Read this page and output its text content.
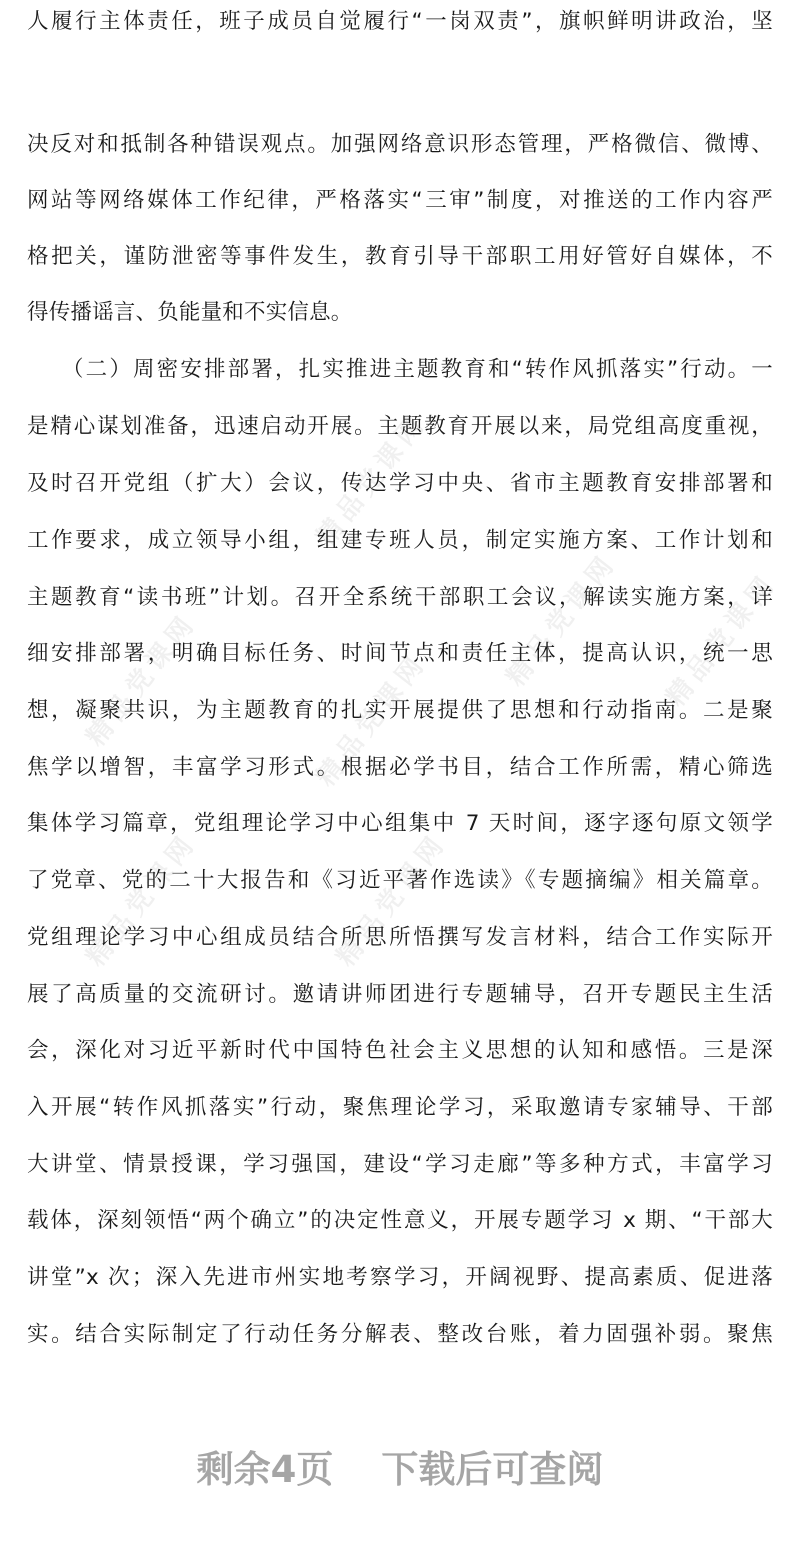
精品党课网
精品党课网
精品党课网 精品党课网
精品党课网
精品党课网	精品党课网
人履行主体责任，班子成员自觉履行“一岗双责”，旗帜鲜明讲政治，坚
决反对和抵制各种错误观点。加强网络意识形态管理，严格微信、微博、
网站等网络媒体工作纪律，严格落实“三审”制度，对推送的工作内容严
格把关，谨防泄密等事件发生，教育引导干部职工用好管好自媒体，不
得传播谣言、负能量和不实信息。
（二）周密安排部署，扎实推进主题教育和“转作风抓落实”行动。一
是精心谋划准备，迅速启动开展。主题教育开展以来，局党组高度重视，
及时召开党组（扩大）会议，传达学习中央、省市主题教育安排部署和
工作要求，成立领导小组，组建专班人员，制定实施方案、工作计划和
主题教育“读书班”计划。召开全系统干部职工会议，解读实施方案，详
细安排部署，明确目标任务、时间节点和责任主体，提高认识，统一思
想，凝聚共识，为主题教育的扎实开展提供了思想和行动指南。二是聚
焦学以增智，丰富学习形式。根据必学书目，结合工作所需，精心筛选
集体学习篇章，党组理论学习中心组集中 7 天时间，逐字逐句原文领学
了党章、党的二十大报告和《习近平著作选读》《专题摘编》相关篇章。
党组理论学习中心组成员结合所思所悟撰写发言材料，结合工作实际开
展了高质量的交流研讨。邀请讲师团进行专题辅导，召开专题民主生活
会，深化对习近平新时代中国特色社会主义思想的认知和感悟。三是深
入开展“转作风抓落实”行动，聚焦理论学习，采取邀请专家辅导、干部
大讲堂、情景授课，学习强国，建设“学习走廊”等多种方式，丰富学习
载体，深刻领悟“两个确立”的决定性意义，开展专题学习 x 期、“干部大
讲堂”x 次；深入先进市州实地考察学习，开阔视野、提高素质、促进落
实。结合实际制定了行动任务分解表、整改台账，着力固强补弱。聚焦
剩余4页 下载后可查阅
